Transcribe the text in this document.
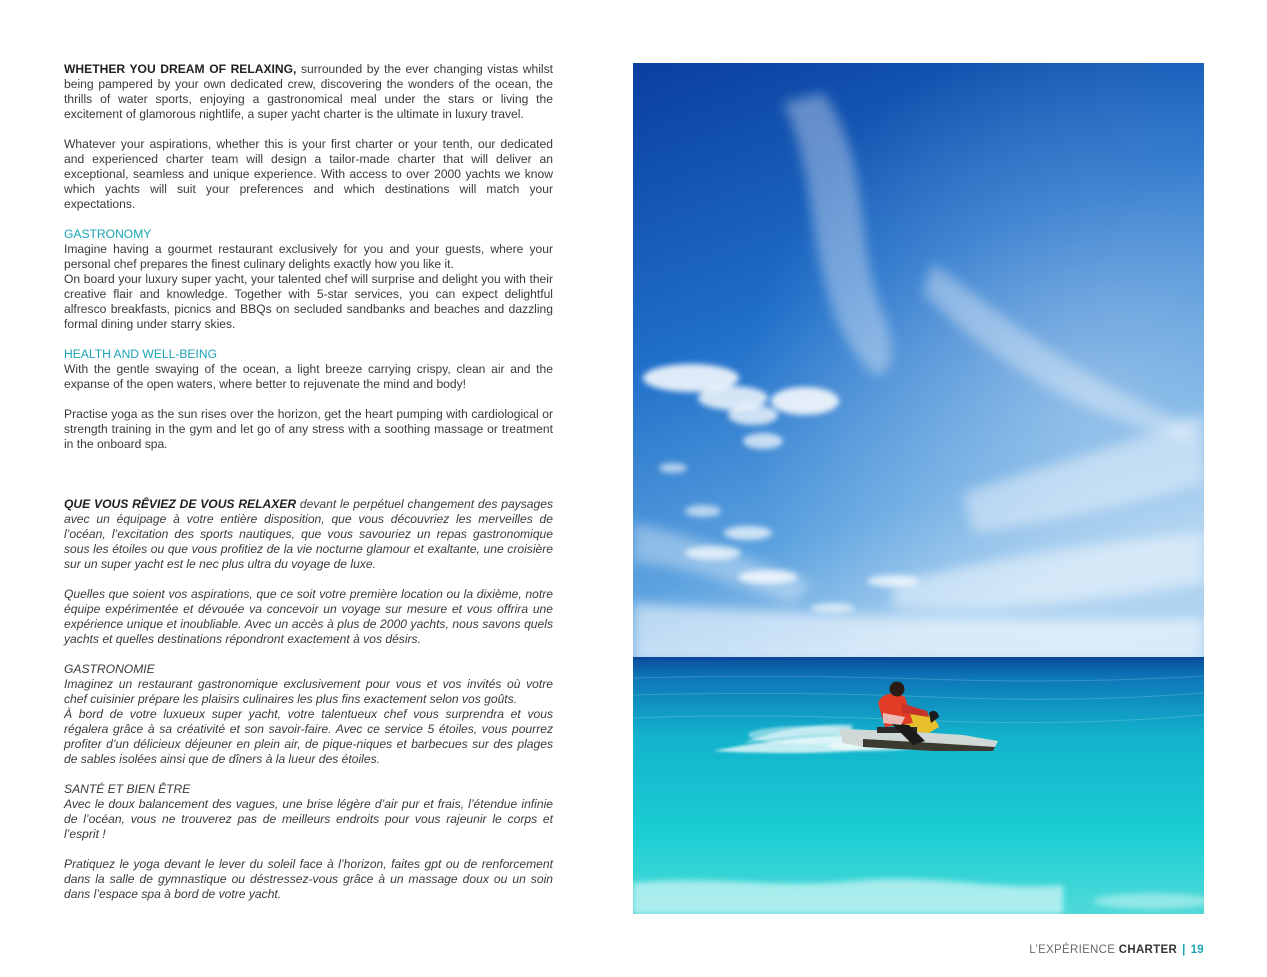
WHETHER YOU DREAM OF RELAXING, surrounded by the ever changing vistas whilst being pampered by your own dedicated crew, discovering the wonders of the ocean, the thrills of water sports, enjoying a gastronomical meal under the stars or living the excitement of glamorous nightlife, a super yacht charter is the ultimate in luxury travel.

Whatever your aspirations, whether this is your first charter or your tenth, our dedicated and experienced charter team will design a tailor-made charter that will deliver an exceptional, seamless and unique experience. With access to over 2000 yachts we know which yachts will suit your preferences and which destinations will match your expectations.

GASTRONOMY

Imagine having a gourmet restaurant exclusively for you and your guests, where your personal chef prepares the finest culinary delights exactly how you like it.

On board your luxury super yacht, your talented chef will surprise and delight you with their creative flair and knowledge. Together with 5-star services, you can expect delightful alfresco breakfasts, picnics and BBQs on secluded sandbanks and beaches and dazzling formal dining under starry skies.

HEALTH AND WELL-BEING

With the gentle swaying of the ocean, a light breeze carrying crispy, clean air and the expanse of the open waters, where better to rejuvenate the mind and body!

Practise yoga as the sun rises over the horizon, get the heart pumping with cardiological or strength training in the gym and let go of any stress with a soothing massage or treatment in the onboard spa.

QUE VOUS RÊVIEZ DE VOUS RELAXER devant le perpétuel changement des paysages avec un équipage à votre entière disposition, que vous découvriez les merveilles de l’océan, l’excitation des sports nautiques, que vous savouriez un repas gastronomique sous les étoiles ou que vous profitiez de la vie nocturne glamour et exaltante, une croisière sur un super yacht est le nec plus ultra du voyage de luxe.

Quelles que soient vos aspirations, que ce soit votre première location ou la dixième, notre équipe expérimentée et dévouée va concevoir un voyage sur mesure et vous offrira une expérience unique et inoubliable. Avec un accès à plus de 2000 yachts, nous savons quels yachts et quelles destinations répondront exactement à vos désirs.

GASTRONOMIE

Imaginez un restaurant gastronomique exclusivement pour vous et vos invités où votre chef cuisinier prépare les plaisirs culinaires les plus fins exactement selon vos goûts.

À bord de votre luxueux super yacht, votre talentueux chef vous surprendra et vous régalera grâce à sa créativité et son savoir-faire. Avec ce service 5 étoiles, vous pourrez profiter d’un délicieux déjeuner en plein air, de pique-niques et barbecues sur des plages de sables isolées ainsi que de dîners à la lueur des étoiles.

SANTÉ ET BIEN ÊTRE

Avec le doux balancement des vagues, une brise légère d’air pur et frais, l’étendue infinie de l’océan, vous ne trouverez pas de meilleurs endroits pour vous rajeunir le corps et l’esprit !

Pratiquez le yoga devant le lever du soleil face à l’horizon, faites gpt ou de renforcement dans la salle de gymnastique ou déstressez-vous grâce à un massage doux ou un soin dans l’espace spa à bord de votre yacht.

L’EXPÉRIENCE CHARTER | 19
